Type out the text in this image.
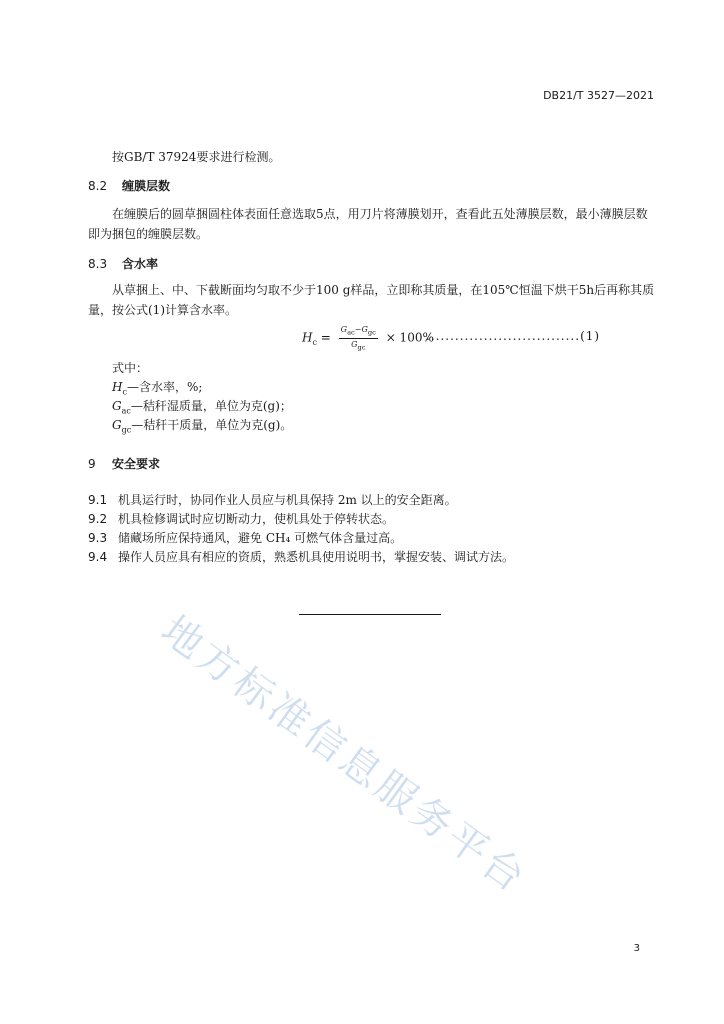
DB21/T 3527—2021
按GB/T 37924要求进行检测。
8.2 缠膜层数
在缠膜后的圆草捆圆柱体表面任意选取5点，用刀片将薄膜划开，查看此五处薄膜层数，最小薄膜层数即为捆包的缠膜层数。
8.3 含水率
从草捆上、中、下截断面均匀取不少于100 g样品，立即称其质量，在105℃恒温下烘干5h后再称其质量，按公式(1)计算含水率。
$H_c = \frac{G_{ac}-G_{gc}}{G_{gc}} \times 100\%$
................................(1)
式中：
$H_c—$含水率，%;
$G_{ac}—$秸秆湿质量，单位为克(g)；
$G_{gc}—$秸秆干质量，单位为克(g)。
9 安全要求
9.1 机具运行时，协同作业人员应与机具保持 2m 以上的安全距离。
9.2 机具检修调试时应切断动力，使机具处于停转状态。
9.3 储藏场所应保持通风，避免 CH₄ 可燃气体含量过高。
9.4 操作人员应具有相应的资质，熟悉机具使用说明书，掌握安装、调试方法。
地方标准信息服务平台
3
